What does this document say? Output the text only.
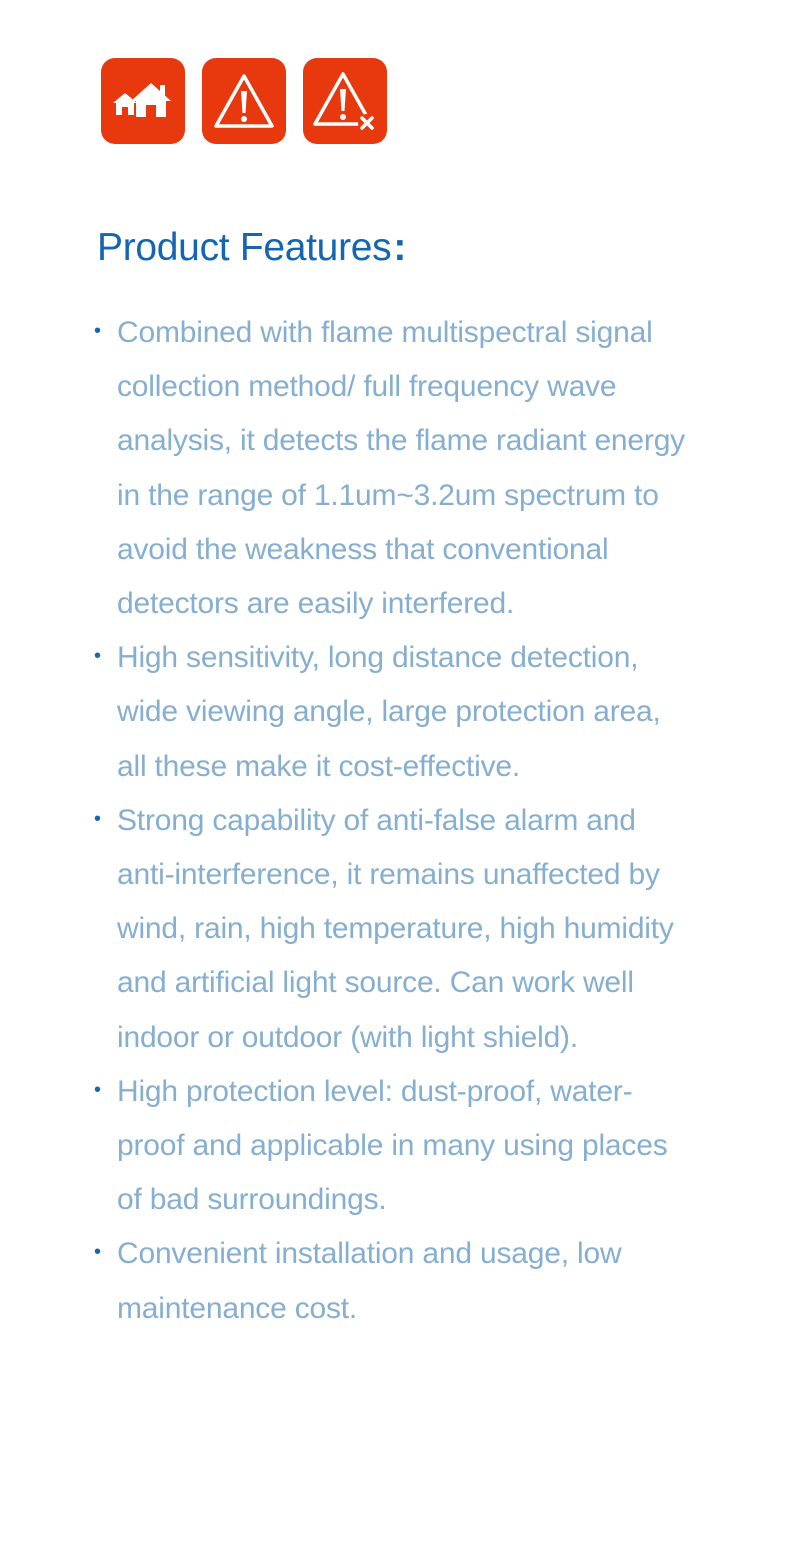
Product Features:
• Combined with flame multispectral signal collection method/ full frequency wave analysis, it detects the flame radiant energy in the range of 1.1um~3.2um spectrum to avoid the weakness that conventional detectors are easily interfered.
• High sensitivity, long distance detection, wide viewing angle, large protection area, all these make it cost-effective.
• Strong capability of anti-false alarm and anti-interference, it remains unaffected by wind, rain, high temperature, high humidity and artificial light source. Can work well indoor or outdoor (with light shield).
• High protection level: dust-proof, water-proof and applicable in many using places of bad surroundings.
• Convenient installation and usage, low maintenance cost.
